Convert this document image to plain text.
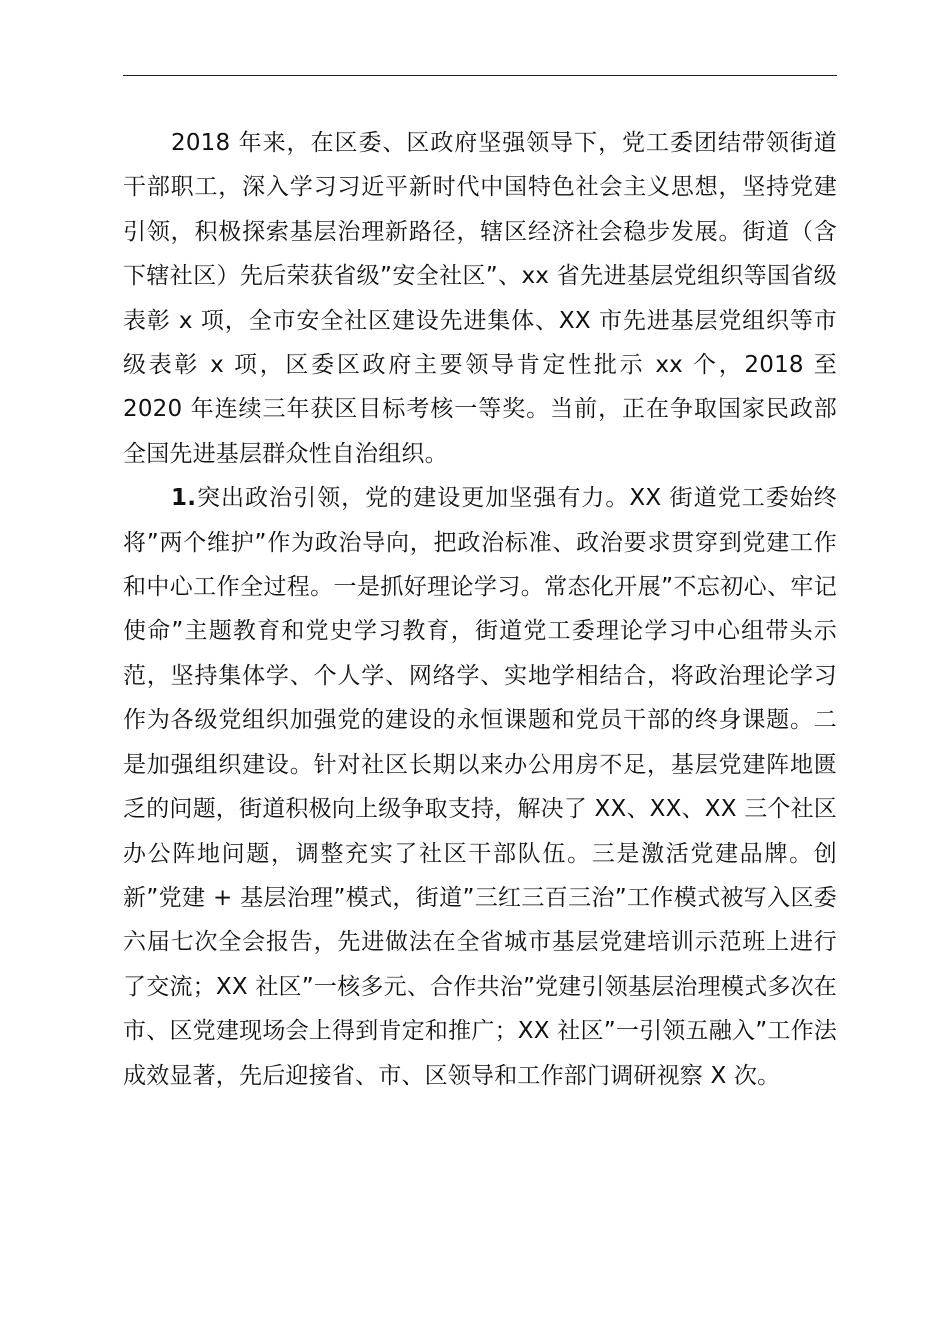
2018 年来，在区委、区政府坚强领导下，党工委团结带领街道干部职工，深入学习习近平新时代中国特色社会主义思想，坚持党建引领，积极探索基层治理新路径，辖区经济社会稳步发展。街道（含下辖社区）先后荣获省级”安全社区”、xx 省先进基层党组织等国省级表彰 x 项，全市安全社区建设先进集体、XX 市先进基层党组织等市级表彰 x 项，区委区政府主要领导肯定性批示 xx 个，2018 至 2020 年连续三年获区目标考核一等奖。当前，正在争取国家民政部全国先进基层群众性自治组织。

1.突出政治引领，党的建设更加坚强有力。XX 街道党工委始终将”两个维护”作为政治导向，把政治标准、政治要求贯穿到党建工作和中心工作全过程。一是抓好理论学习。常态化开展”不忘初心、牢记使命”主题教育和党史学习教育，街道党工委理论学习中心组带头示范，坚持集体学、个人学、网络学、实地学相结合，将政治理论学习作为各级党组织加强党的建设的永恒课题和党员干部的终身课题。二是加强组织建设。针对社区长期以来办公用房不足，基层党建阵地匮乏的问题，街道积极向上级争取支持，解决了 XX、XX、XX 三个社区办公阵地问题，调整充实了社区干部队伍。三是激活党建品牌。创新”党建 + 基层治理”模式，街道”三红三百三治”工作模式被写入区委六届七次全会报告，先进做法在全省城市基层党建培训示范班上进行了交流；XX 社区”一核多元、合作共治”党建引领基层治理模式多次在市、区党建现场会上得到肯定和推广；XX 社区”一引领五融入”工作法成效显著，先后迎接省、市、区领导和工作部门调研视察 X 次。
